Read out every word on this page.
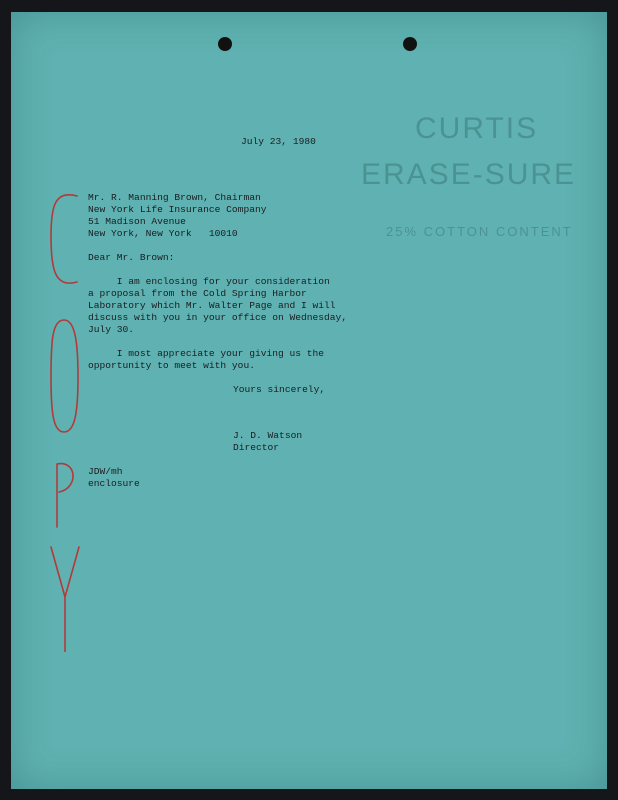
CURTIS
ERASE-SURE
25% COTTON CONTENT
July 23, 1980
Mr. R. Manning Brown, Chairman
New York Life Insurance Company
51 Madison Avenue
New York, New York   10010
Dear Mr. Brown:
I am enclosing for your consideration
a proposal from the Cold Spring Harbor
Laboratory which Mr. Walter Page and I will
discuss with you in your office on Wednesday,
July 30.
I most appreciate your giving us the
opportunity to meet with you.
Yours sincerely,
J. D. Watson
Director
JDW/mh
enclosure
